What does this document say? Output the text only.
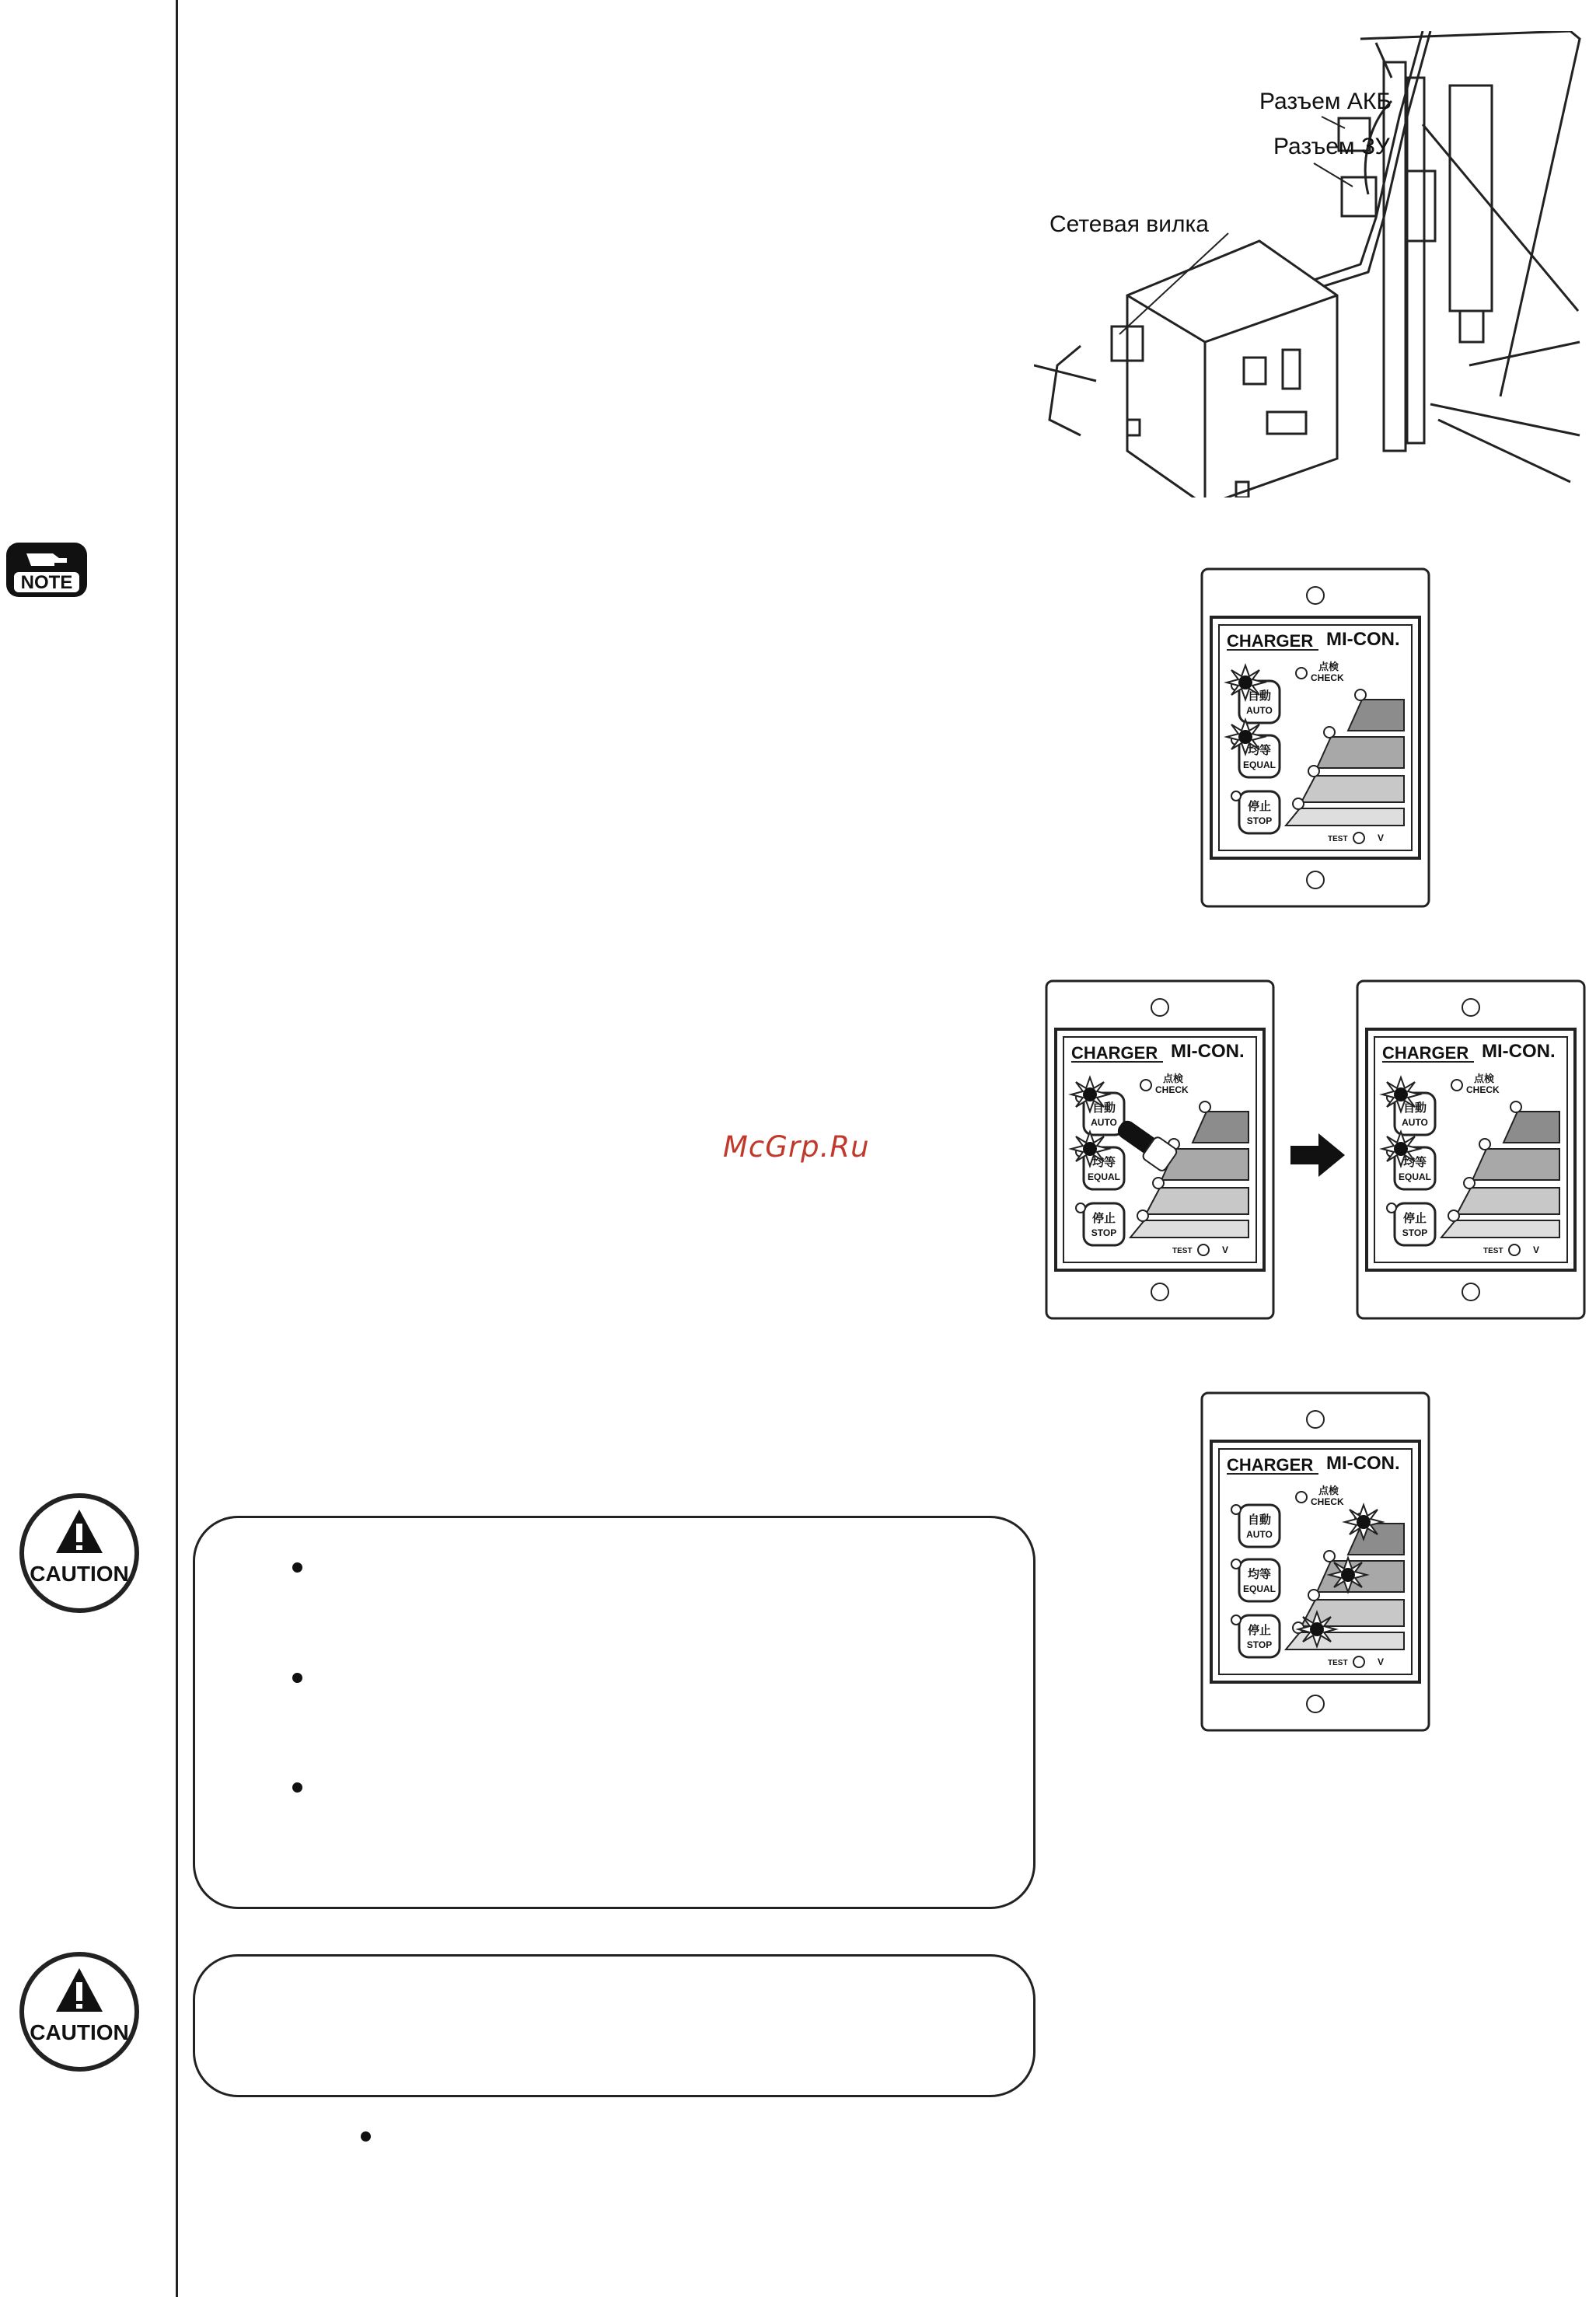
NOTE
CAUTION
CAUTION
McGrp.Ru
Разъем АКБ
Разъем ЗУ
Сетевая вилка
CHARGER MI-CON.
点検
CHECK
自動
AUTO
均等
EQUAL
停止
STOP
TEST	V
CHARGER MI-CON.
点検
CHECK
自動
AUTO
均等
EQUAL
停止
STOP
TEST	V
CHARGER MI-CON.
点検
CHECK
自動
AUTO
均等
EQUAL
停止
STOP
TEST	V
CHARGER MI-CON.
点検
CHECK
自動
AUTO
均等
EQUAL
停止
STOP
TEST	V
